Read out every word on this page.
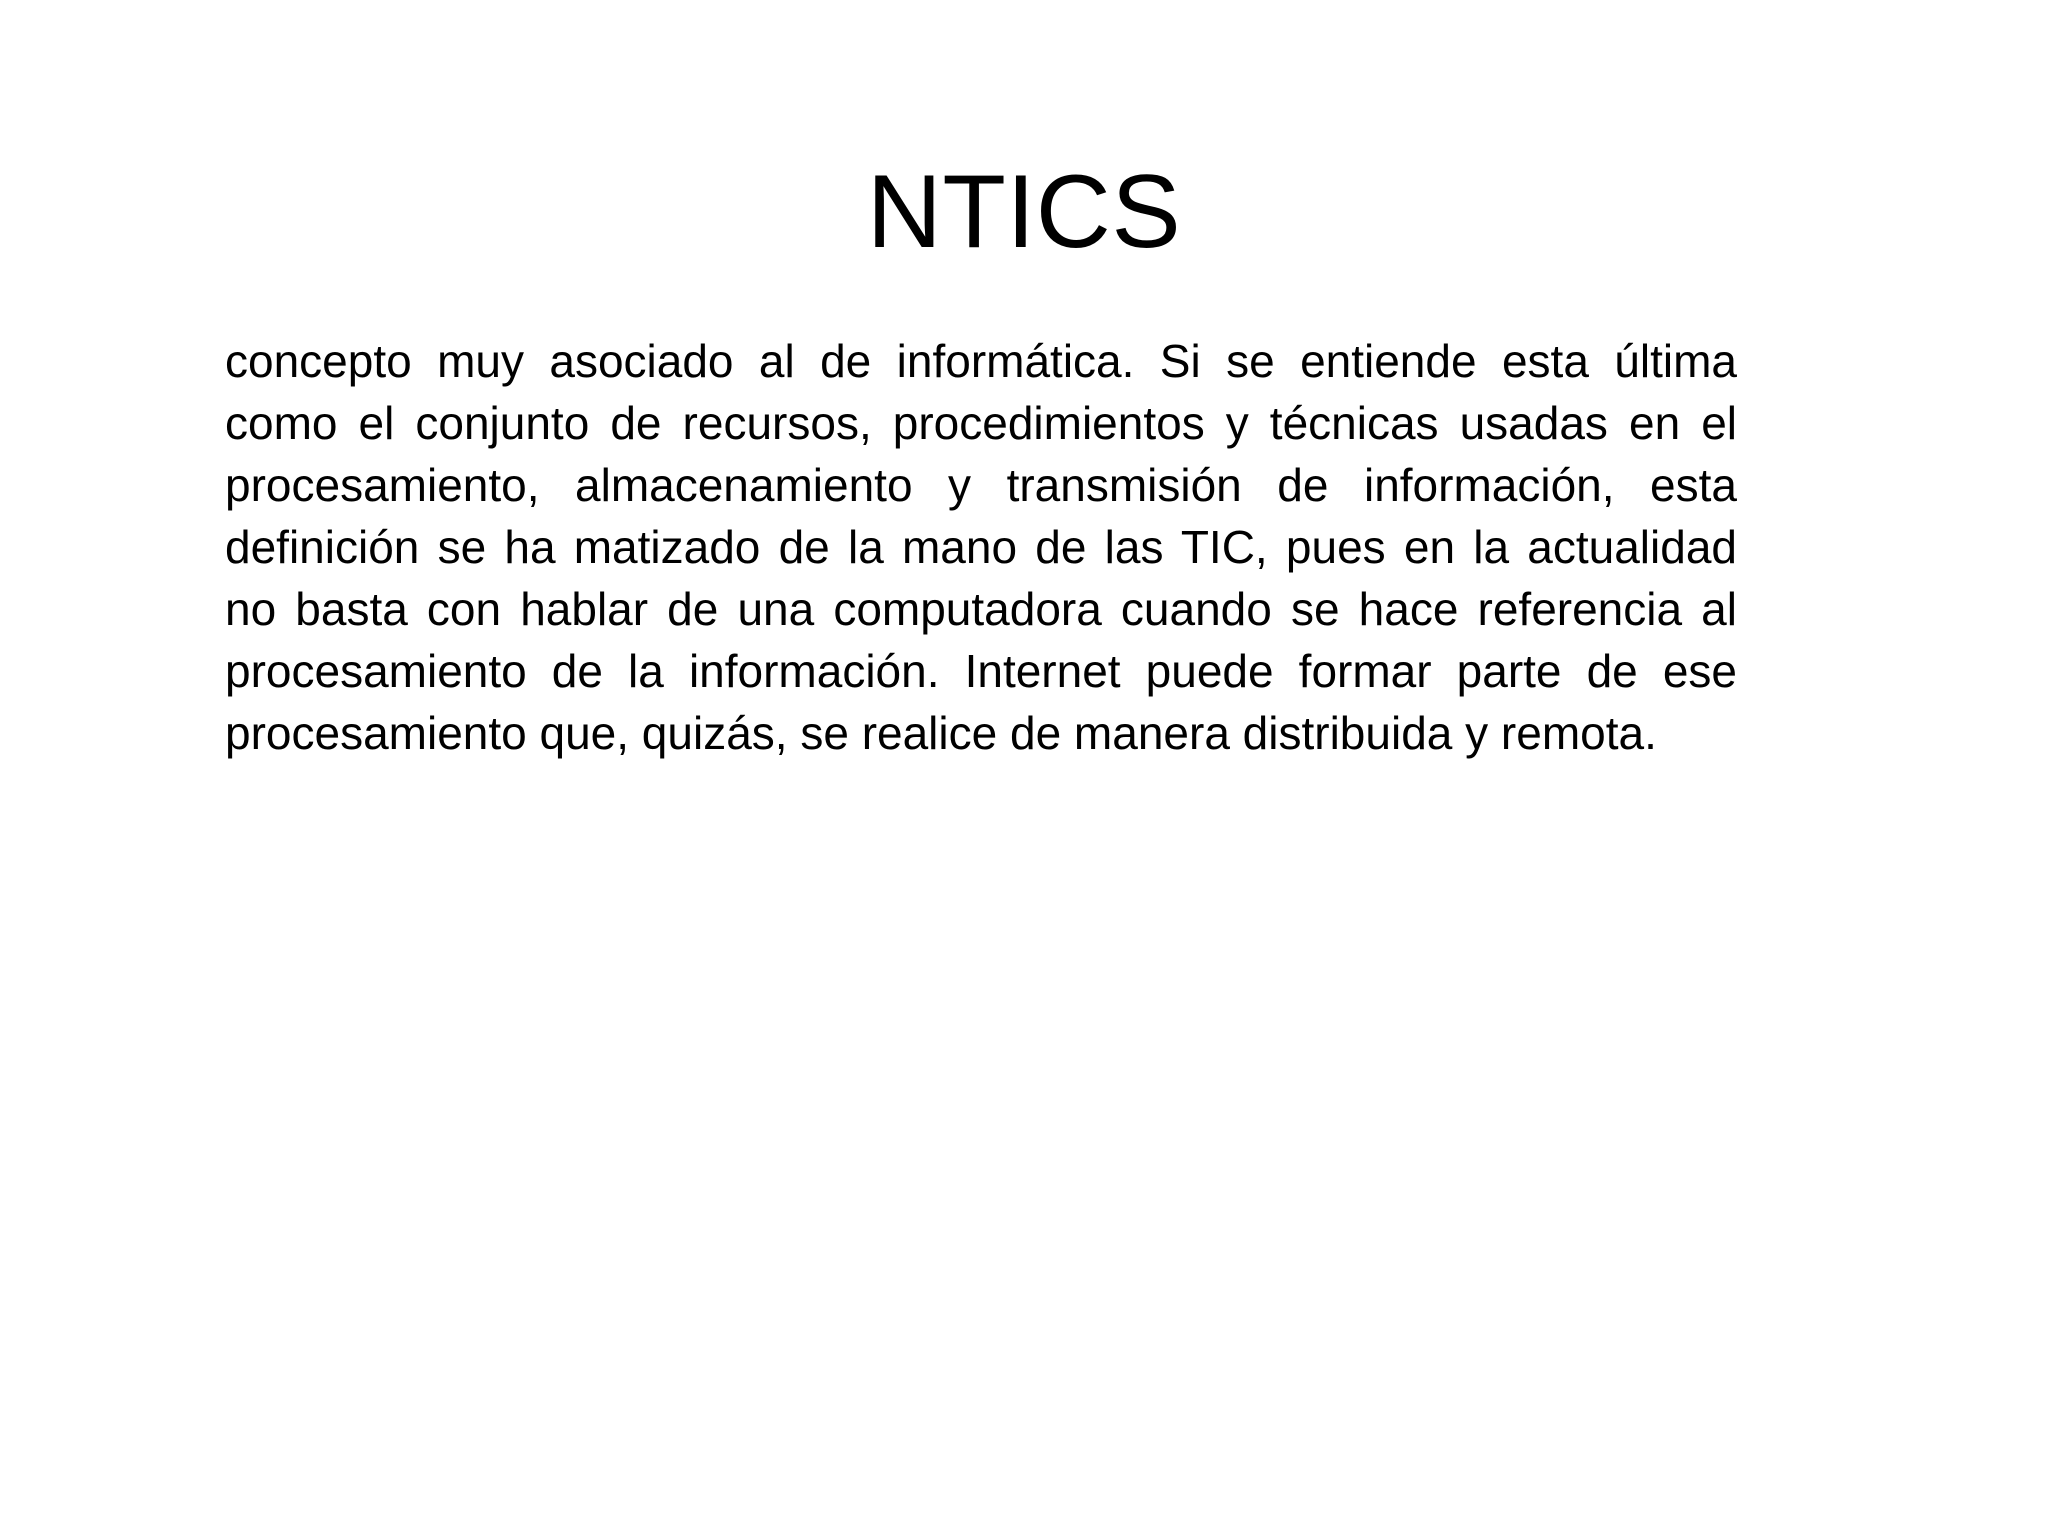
NTICS
concepto muy asociado al de informática. Si se entiende esta última
como el conjunto de recursos, procedimientos y técnicas usadas en el
procesamiento, almacenamiento y transmisión de información, esta
definición se ha matizado de la mano de las TIC, pues en la actualidad
no basta con hablar de una computadora cuando se hace referencia al
procesamiento de la información. Internet puede formar parte de ese
procesamiento que, quizás, se realice de manera distribuida y remota.
